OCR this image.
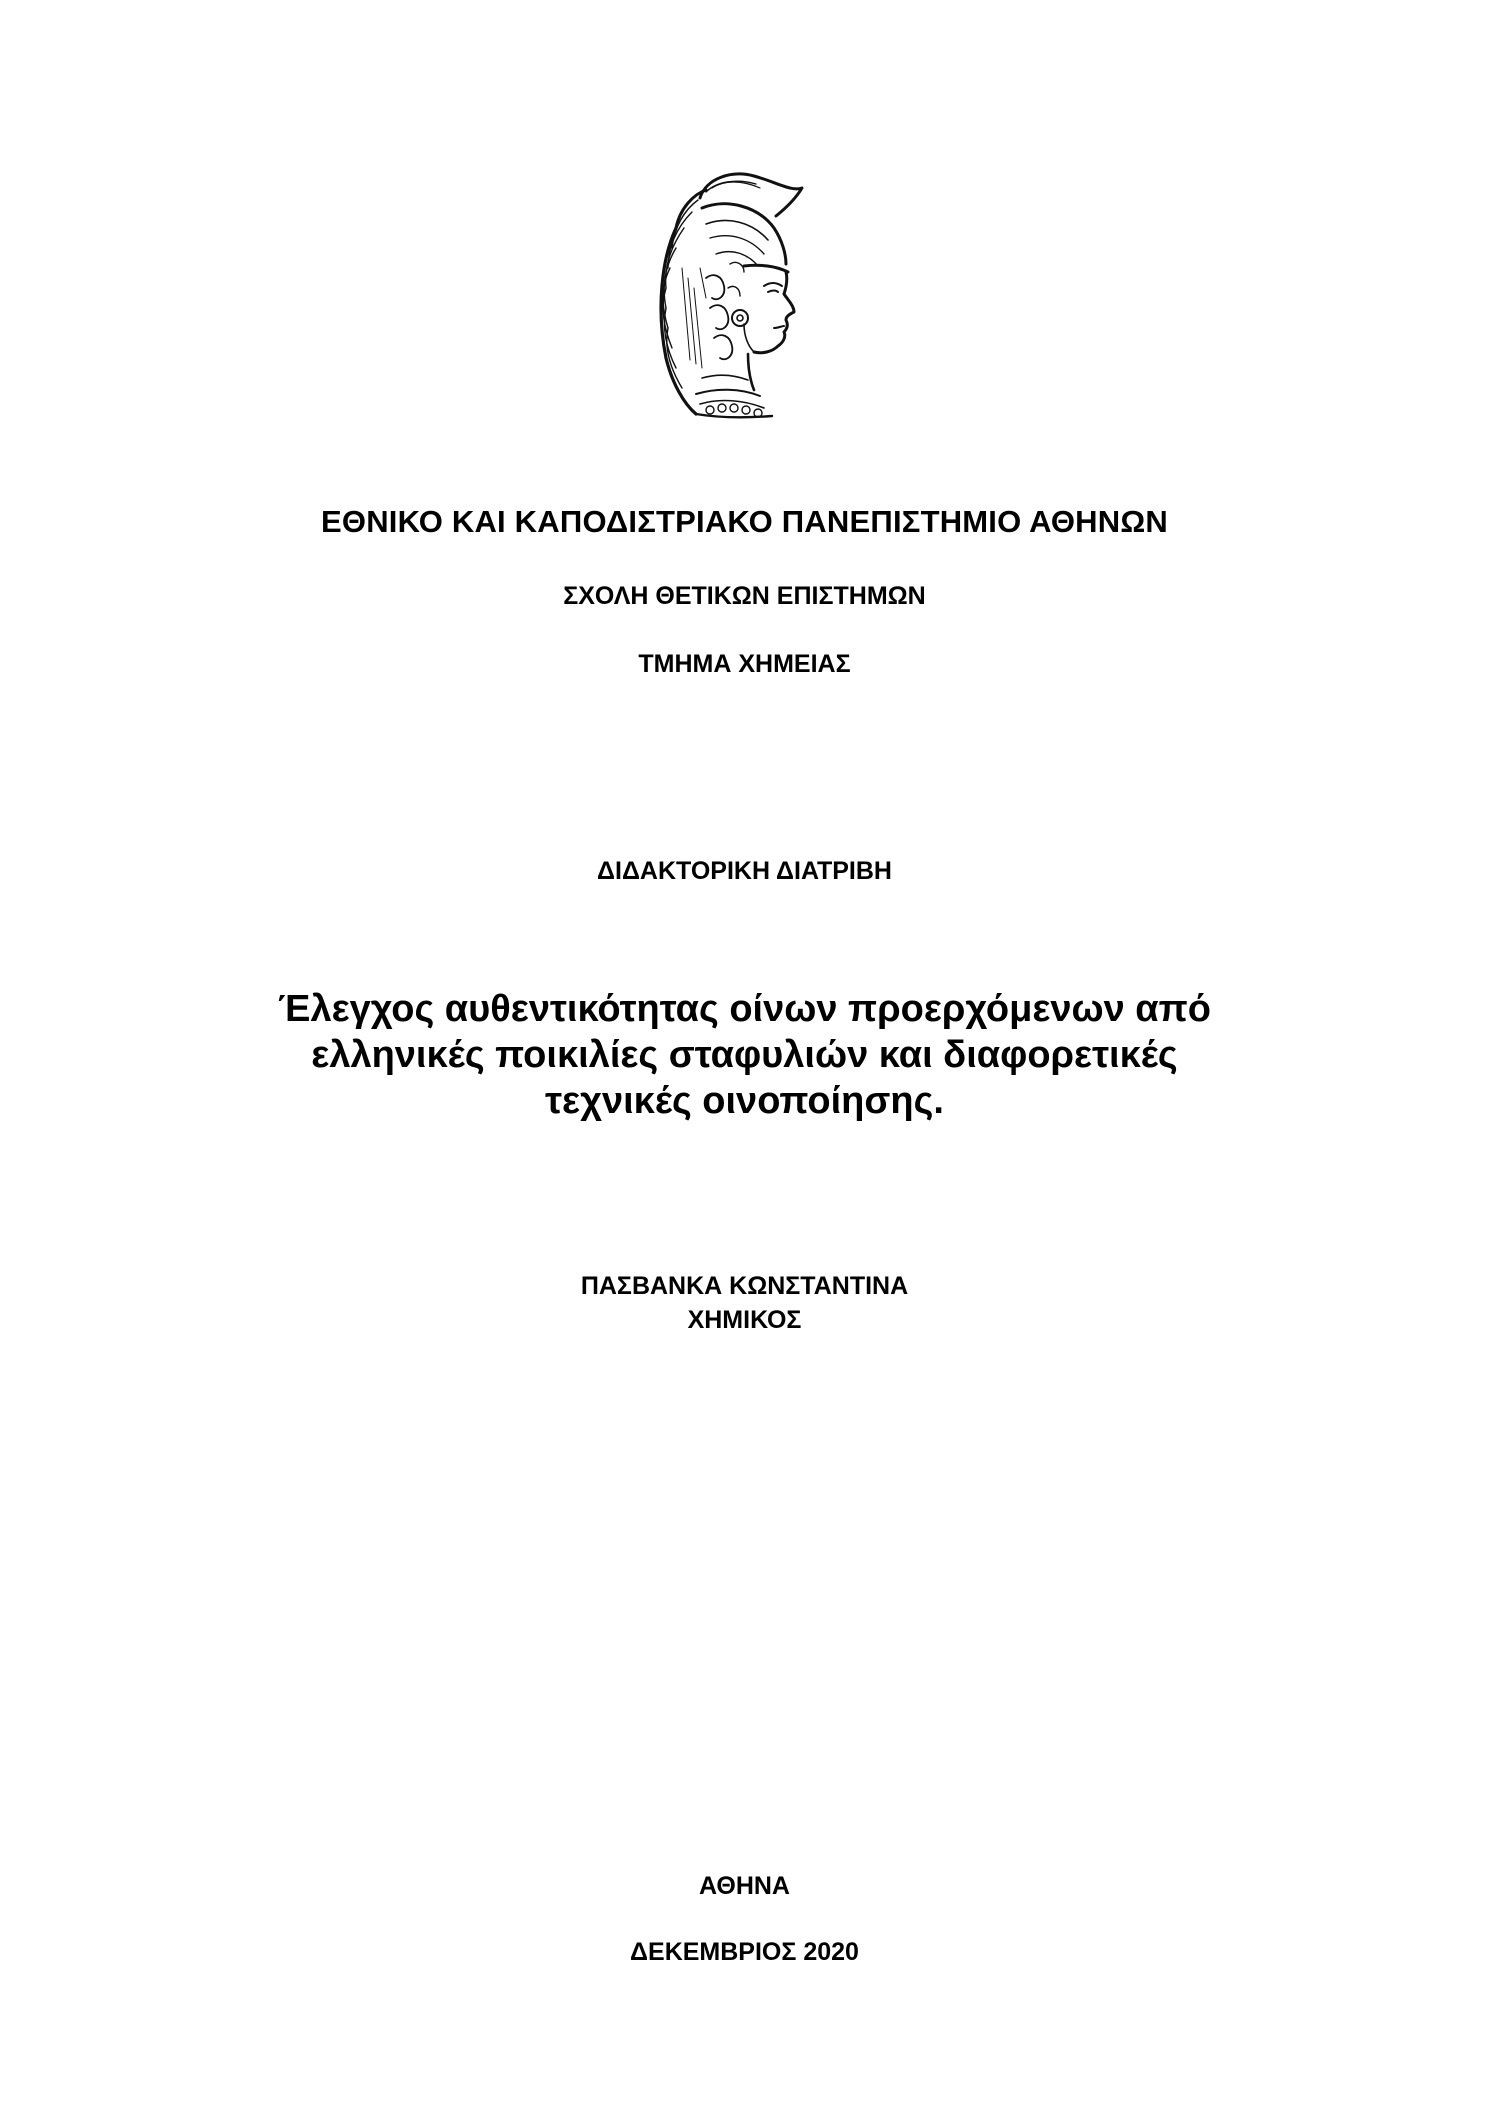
ΕΘΝΙΚΟ ΚΑΙ ΚΑΠΟΔΙΣΤΡΙΑΚΟ ΠΑΝΕΠΙΣΤΗΜΙΟ ΑΘΗΝΩΝ
ΣΧΟΛΗ ΘΕΤΙΚΩΝ ΕΠΙΣΤΗΜΩΝ
ΤΜΗΜΑ ΧΗΜΕΙΑΣ
ΔΙΔΑΚΤΟΡΙΚΗ ΔΙΑΤΡΙΒΗ
Έλεγχος αυθεντικότητας οίνων προερχόμενων από
ελληνικές ποικιλίες σταφυλιών και διαφορετικές
τεχνικές οινοποίησης.
ΠΑΣΒΑΝΚΑ ΚΩΝΣΤΑΝΤΙΝΑ
ΧΗΜΙΚΟΣ
ΑΘΗΝΑ
ΔΕΚΕΜΒΡΙΟΣ 2020
